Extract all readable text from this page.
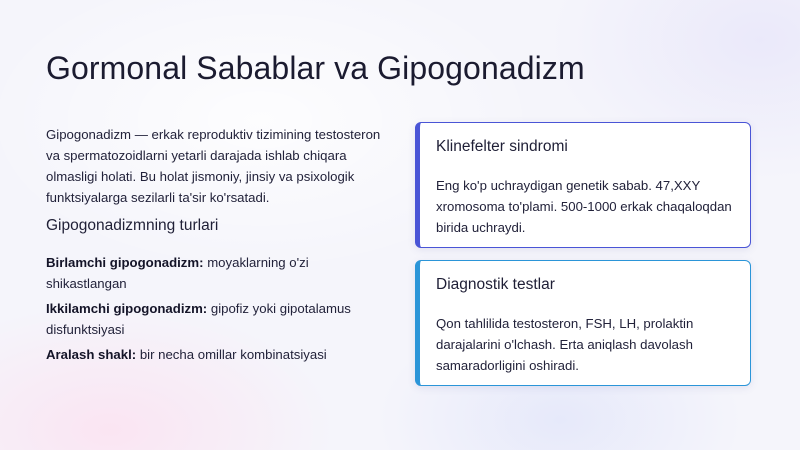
Gormonal Sabablar va Gipogonadizm

Gipogonadizm — erkak reproduktiv tizimining testosteron va spermatozoidlarni yetarli darajada ishlab chiqara olmasligi holati. Bu holat jismoniy, jinsiy va psixologik funktsiyalarga sezilarli ta'sir ko'rsatadi.

Gipogonadizmning turlari
Birlamchi gipogonadizm: moyaklarning o'zi shikastlangan
Ikkilamchi gipogonadizm: gipofiz yoki gipotalamus disfunktsiyasi
Aralash shakl: bir necha omillar kombinatsiyasi
Klinefelter sindromi

Eng ko'p uchraydigan genetik sabab. 47,XXY xromosoma to'plami. 500-1000 erkak chaqaloqdan birida uchraydi.

Diagnostik testlar

Qon tahlilida testosteron, FSH, LH, prolaktin darajalarini o'lchash. Erta aniqlash davolash samaradorligini oshiradi.
